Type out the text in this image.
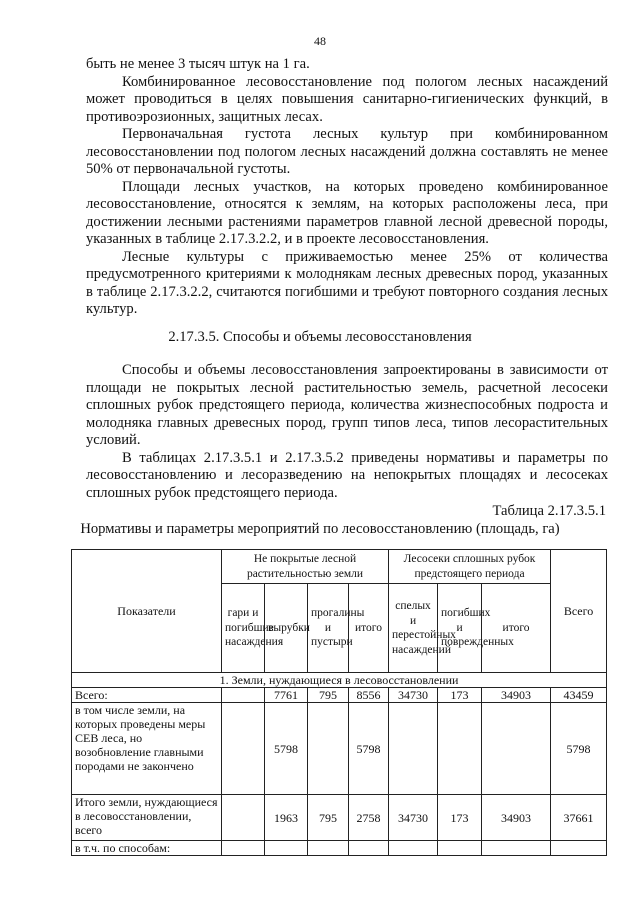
48

быть не менее 3 тысяч штук на 1 га.

Комбинированное лесовосстановление под пологом лесных насаждений может проводиться в целях повышения санитарно-гигиенических функций, в противоэрозионных, защитных лесах.

Первоначальная густота лесных культур при комбинированном лесовосстановлении под пологом лесных насаждений должна составлять не менее 50% от первоначальной густоты.

Площади лесных участков, на которых проведено комбинированное лесовосстановление, относятся к землям, на которых расположены леса, при достижении лесными растениями параметров главной лесной древесной породы, указанных в таблице 2.17.3.2.2, и в проекте лесовосстановления.

Лесные культуры с приживаемостью менее 25% от количества предусмотренного критериями к молоднякам лесных древесных пород, указанных в таблице 2.17.3.2.2, считаются погибшими и требуют повторного создания лесных культур.

2.17.3.5. Способы и объемы лесовосстановления

Способы и объемы лесовосстановления запроектированы в зависимости от площади не покрытых лесной растительностью земель, расчетной лесосеки сплошных рубок предстоящего периода, количества жизнеспособных подроста и молодняка главных древесных пород, групп типов леса, типов лесорастительных условий.

В таблицах 2.17.3.5.1 и 2.17.3.5.2 приведены нормативы и параметры по лесовосстановлению и лесоразведению на непокрытых площадях и лесосеках сплошных рубок предстоящего периода.

Таблица 2.17.3.5.1
Нормативы и параметры мероприятий по лесовосстановлению (площадь, га)
Показатели	Не покрытые лесной растительностью земли				Лесосеки сплошных рубок предстоящего периода			Всего
	гари и погибшие насаждения	вырубки	прогалины и пустыри	итого	спелых и перестойных насаждений	погибших и поврежденных	итого	
1. Земли, нуждающиеся в лесовосстановлении								
Всего:		7761	795	8556	34730	173	34903	43459
в том числе земли, на которых проведены меры СЕВ леса, но возобновление главными породами не закончено		5798		5798				5798
Итого земли, нуждающиеся в лесовосстановлении, всего		1963	795	2758	34730	173	34903	37661
в т.ч. по способам:								
